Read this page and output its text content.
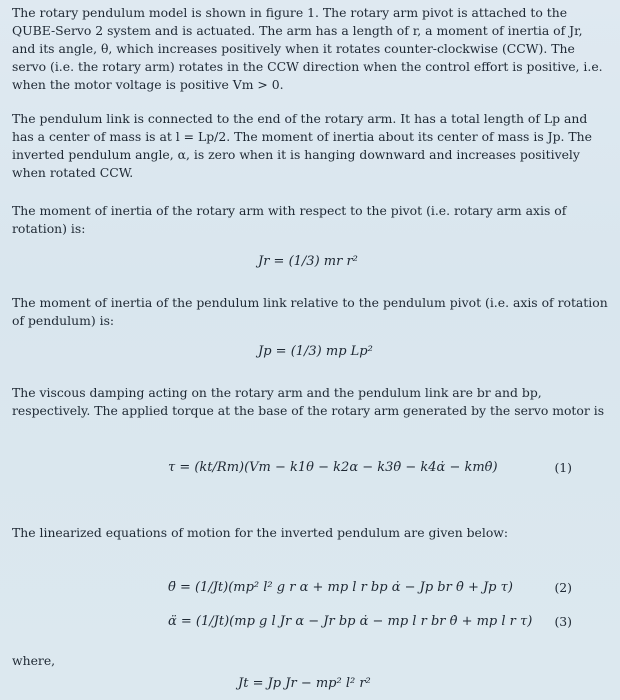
The rotary pendulum model is shown in figure 1. The rotary arm pivot is attached to the QUBE-Servo 2 system and is actuated. The arm has a length of r, a moment of inertia of Jr, and its angle, θ, which increases positively when it rotates counter-clockwise (CCW). The servo (i.e. the rotary arm) rotates in the CCW direction when the control effort is positive, i.e. when the motor voltage is positive Vm > 0.
The pendulum link is connected to the end of the rotary arm. It has a total length of Lp and has a center of mass is at l = Lp/2. The moment of inertia about its center of mass is Jp. The inverted pendulum angle, α, is zero when it is hanging downward and increases positively when rotated CCW.
The moment of inertia of the rotary arm with respect to the pivot (i.e. rotary arm axis of rotation) is:
Jr = (1/3) mr r²
The moment of inertia of the pendulum link relative to the pendulum pivot (i.e. axis of rotation of pendulum) is:
Jp = (1/3) mp Lp²
The viscous damping acting on the rotary arm and the pendulum link are br and bp, respectively. The applied torque at the base of the rotary arm generated by the servo motor is
τ = (kt/Rm)(Vm − k1θ − k2α − k3θ̇ − k4α̇ − kmθ̇)	(1)
The linearized equations of motion for the inverted pendulum are given below:
θ̈ = (1/Jt)(mp² l² g r α + mp l r bp α̇ − Jp br θ̇ + Jp τ)	(2)
α̈ = (1/Jt)(mp g l Jr α − Jr bp α̇ − mp l r br θ̇ + mp l r τ) (3)
where,
Jt = Jp Jr − mp² l² r²
